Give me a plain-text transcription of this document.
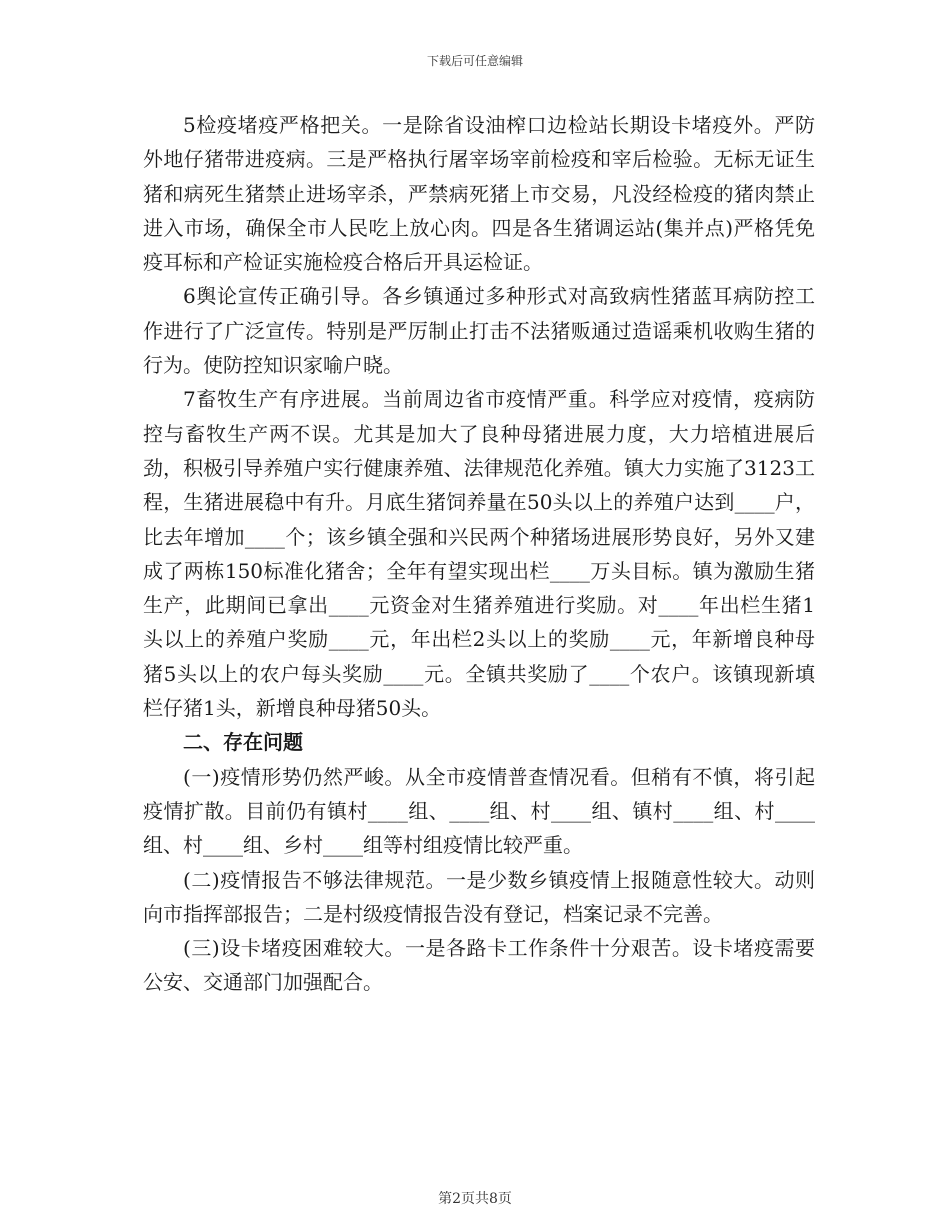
下载后可任意编辑

5检疫堵疫严格把关。一是除省设油榨口边检站长期设卡堵疫外。严防外地仔猪带进疫病。三是严格执行屠宰场宰前检疫和宰后检验。无标无证生猪和病死生猪禁止进场宰杀，严禁病死猪上市交易，凡没经检疫的猪肉禁止进入市场，确保全市人民吃上放心肉。四是各生猪调运站(集并点)严格凭免疫耳标和产检证实施检疫合格后开具运检证。

6舆论宣传正确引导。各乡镇通过多种形式对高致病性猪蓝耳病防控工作进行了广泛宣传。特别是严厉制止打击不法猪贩通过造谣乘机收购生猪的行为。使防控知识家喻户晓。

7畜牧生产有序进展。当前周边省市疫情严重。科学应对疫情，疫病防控与畜牧生产两不误。尤其是加大了良种母猪进展力度，大力培植进展后劲，积极引导养殖户实行健康养殖、法律规范化养殖。镇大力实施了3123工程，生猪进展稳中有升。月底生猪饲养量在50头以上的养殖户达到____户，比去年增加____个；该乡镇全强和兴民两个种猪场进展形势良好，另外又建成了两栋150标准化猪舍；全年有望实现出栏____万头目标。镇为激励生猪生产，此期间已拿出____元资金对生猪养殖进行奖励。对____年出栏生猪1头以上的养殖户奖励____元，年出栏2头以上的奖励____元，年新增良种母猪5头以上的农户每头奖励____元。全镇共奖励了____个农户。该镇现新填栏仔猪1头，新增良种母猪50头。

二、存在问题

(一)疫情形势仍然严峻。从全市疫情普查情况看。但稍有不慎，将引起疫情扩散。目前仍有镇村____组、____组、村____组、镇村____组、村____组、村____组、乡村____组等村组疫情比较严重。

(二)疫情报告不够法律规范。一是少数乡镇疫情上报随意性较大。动则向市指挥部报告；二是村级疫情报告没有登记，档案记录不完善。

(三)设卡堵疫困难较大。一是各路卡工作条件十分艰苦。设卡堵疫需要公安、交通部门加强配合。

第2页共8页
